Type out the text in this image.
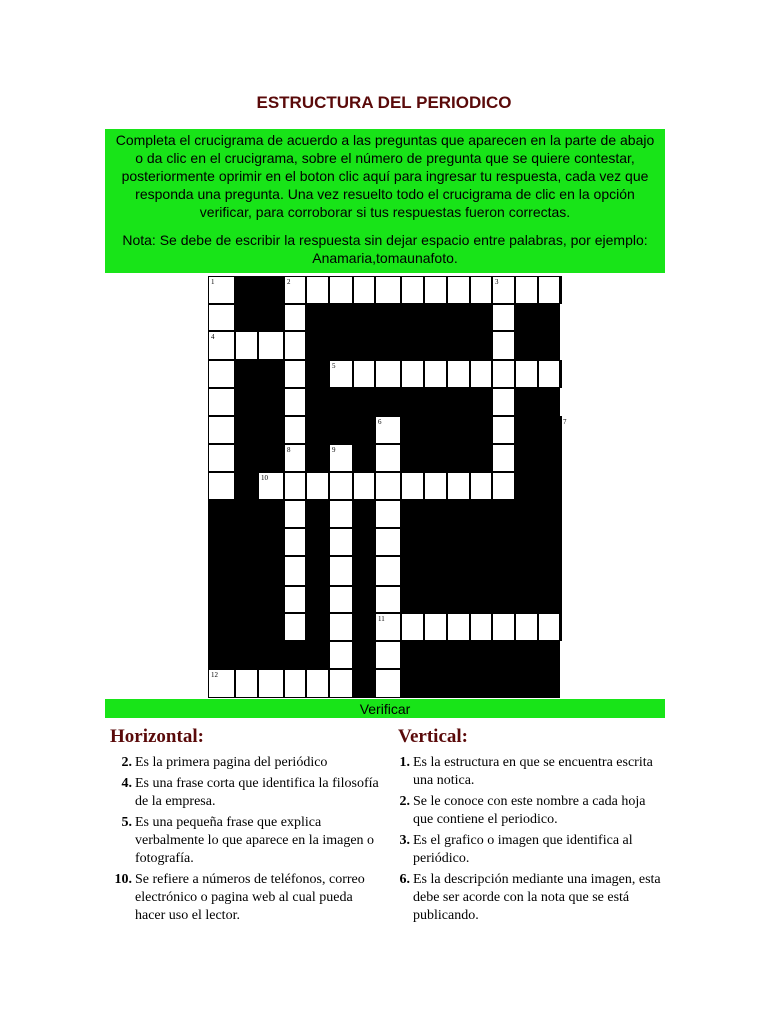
ESTRUCTURA DEL PERIODICO

Completa el crucigrama de acuerdo a las preguntas que aparecen en la parte de abajo o da clic en el crucigrama, sobre el número de pregunta que se quiere contestar, posteriormente oprimir en el boton clic aquí para ingresar tu respuesta, cada vez que responda una pregunta. Una vez resuelto todo el crucigrama de clic en la opción verificar, para corroborar si tus respuestas fueron correctas.

Nota: Se debe de escribir la respuesta sin dejar espacio entre palabras, por ejemplo: Anamaria,tomaunafoto.

1
4
2	3
8
5
6
11
7
9
10
12
Verificar
Horizontal:
2. Es la primera pagina del periódico
4. Es una frase corta que identifica la filosofía de la empresa.
5. Es una pequeña frase que explica verbalmente lo que aparece en la imagen o fotografía.
10. Se refiere a números de teléfonos, correo electrónico o pagina web al cual pueda hacer uso el lector.
Vertical:
1. Es la estructura en que se encuentra escrita una notica.
2. Se le conoce con este nombre a cada hoja que contiene el periodico.
3. Es el grafico o imagen que identifica al periódico.
6. Es la descripción mediante una imagen, esta debe ser acorde con la nota que se está publicando.
